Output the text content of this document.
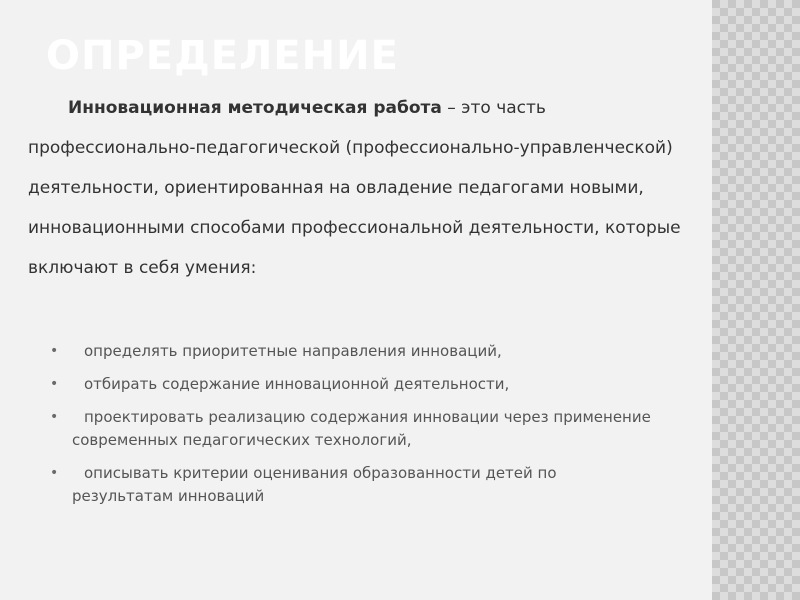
ОПРЕДЕЛЕНИЕ

Инновационная методическая работа – это часть профессионально-педагогической (профессионально-управленческой) деятельности, ориентированная на овладение педагогами новыми, инновационными способами профессиональной деятельности, которые включают в себя умения:

•	определять приоритетные направления инноваций,
•	отбирать содержание инновационной деятельности,
•	проектировать реализацию содержания инновации через применение современных педагогических технологий,
•	описывать критерии оценивания образованности детей по результатам инноваций
